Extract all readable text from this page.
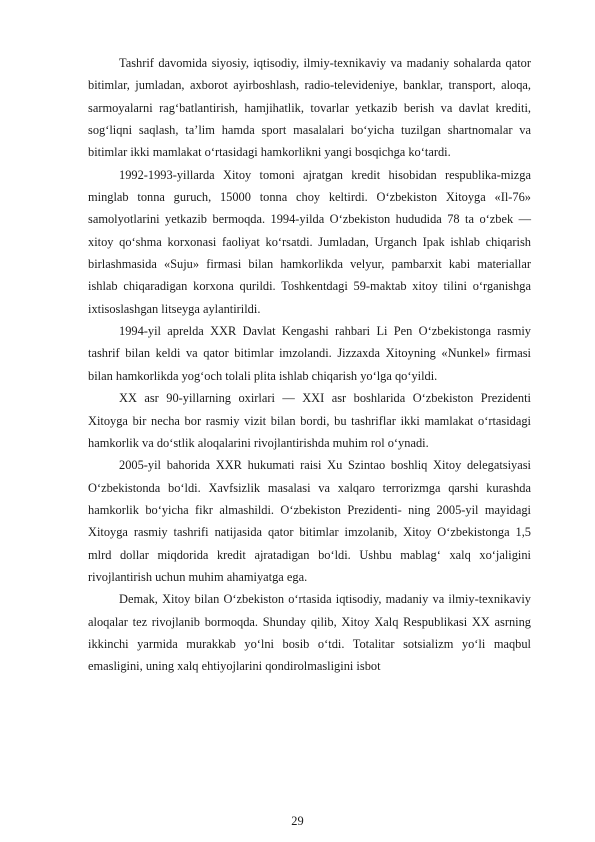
Tashrif davomida siyosiy, iqtisodiy, ilmiy-texnikaviy va madaniy sohalarda qator bitimlar, jumladan, axborot ayirboshlash, radio-televideniye, banklar, transport, aloqa, sarmoyalarni rag‘batlantirish, hamjihatlik, tovarlar yetkazib berish va davlat krediti, sog‘liqni saqlash, ta’lim hamda sport masalalari bo‘yicha tuzilgan shartnomalar va bitimlar ikki mamlakat o‘rtasidagi hamkorlikni yangi bosqichga ko‘tardi.

1992-1993-yillarda Xitoy tomoni ajratgan kredit hisobidan respublika-mizga minglab tonna guruch, 15000 tonna choy keltirdi. O‘zbekiston Xitoyga «Il-76» samolyotlarini yetkazib bermoqda. 1994-yilda O‘zbekiston hududida 78 ta o‘zbek — xitoy qo‘shma korxonasi faoliyat ko‘rsatdi. Jumladan, Urganch Ipak ishlab chiqarish birlashmasida «Suju» firmasi bilan hamkorlikda velyur, pambarxit kabi materiallar ishlab chiqaradigan korxona qurildi. Toshkentdagi 59-maktab xitoy tilini o‘rganishga ixtisoslashgan litseyga aylantirildi.

1994-yil aprelda XXR Davlat Kengashi rahbari Li Pen O‘zbekistonga rasmiy tashrif bilan keldi va qator bitimlar imzolandi. Jizzaxda Xitoyning «Nunkel» firmasi bilan hamkorlikda yog‘och tolali plita ishlab chiqarish yo‘lga qo‘yildi.

XX asr 90-yillarning oxirlari — XXI asr boshlarida O‘zbekiston Prezidenti Xitoyga bir necha bor rasmiy vizit bilan bordi, bu tashriflar ikki mamlakat o‘rtasidagi hamkorlik va do‘stlik aloqalarini rivojlantirishda muhim rol o‘ynadi.

2005-yil bahorida XXR hukumati raisi Xu Szintao boshliq Xitoy delegatsiyasi O‘zbekistonda bo‘ldi. Xavfsizlik masalasi va xalqaro terrorizmga qarshi kurashda hamkorlik bo‘yicha fikr almashildi. O‘zbekiston Prezidenti- ning 2005-yil mayidagi Xitoyga rasmiy tashrifi natijasida qator bitimlar imzolanib, Xitoy O‘zbekistonga 1,5 mlrd dollar miqdorida kredit ajratadigan bo‘ldi. Ushbu mablag‘ xalq xo‘jaligini rivojlantirish uchun muhim ahamiyatga ega.

Demak, Xitoy bilan O‘zbekiston o‘rtasida iqtisodiy, madaniy va ilmiy-texnikaviy aloqalar tez rivojlanib bormoqda. Shunday qilib, Xitoy Xalq Respublikasi XX asrning ikkinchi yarmida murakkab yo‘lni bosib o‘tdi. Totalitar sotsializm yo‘li maqbul emasligini, uning xalq ehtiyojlarini qondirolmasligini isbot

29
